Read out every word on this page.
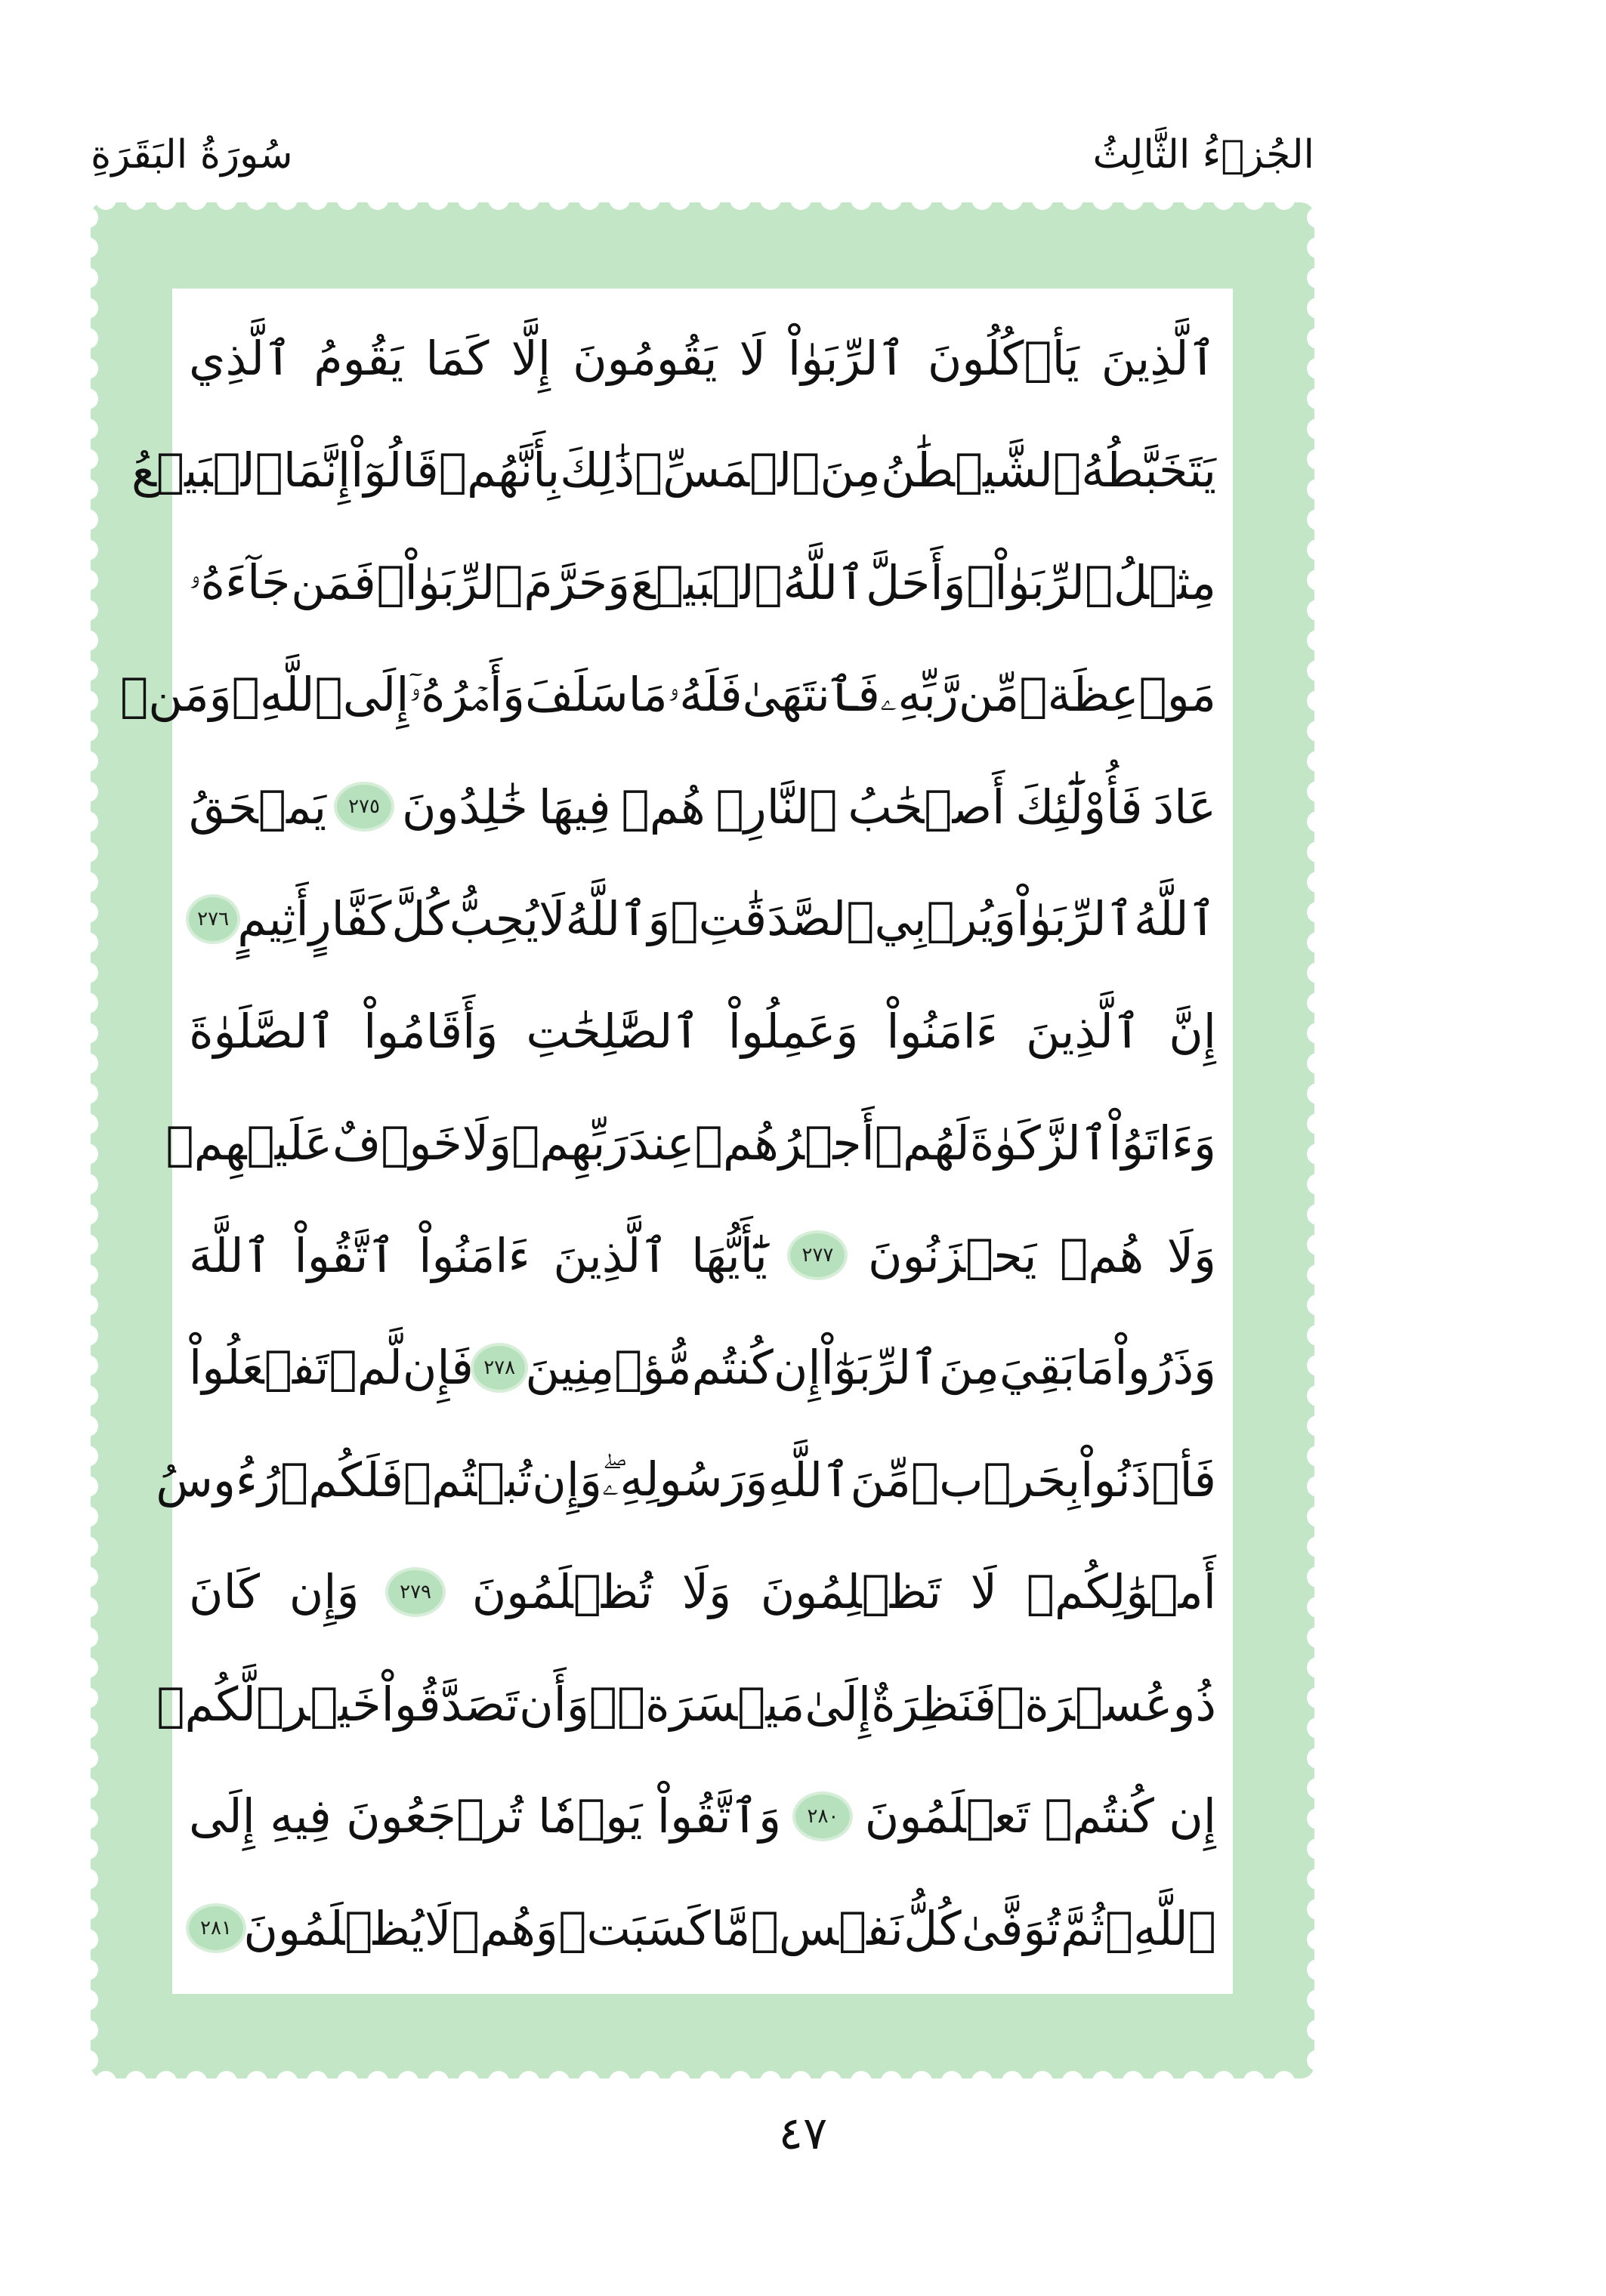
الجُزۡءُ الثَّالِثُ
سُورَةُ البَقَرَةِ
ٱلَّذِينَ
يَأۡكُلُونَ
ٱلرِّبَوٰاْ
لَا
يَقُومُونَ
إِلَّا
كَمَا
يَقُومُ
ٱلَّذِي
يَتَخَبَّطُهُ
ٱلشَّيۡطَٰنُ
مِنَ
ٱلۡمَسِّۚ
ذَٰلِكَ
بِأَنَّهُمۡ
قَالُوٓاْ
إِنَّمَا
ٱلۡبَيۡعُ
مِثۡلُ
ٱلرِّبَوٰاْۗ
وَأَحَلَّ
ٱللَّهُ
ٱلۡبَيۡعَ
وَحَرَّمَ
ٱلرِّبَوٰاْۚ
فَمَن
جَآءَهُۥ
مَوۡعِظَةٞ
مِّن
رَّبِّهِۦ
فَٱنتَهَىٰ
فَلَهُۥ
مَا
سَلَفَ
وَأَمۡرُهُۥٓ
إِلَى
ٱللَّهِۖ
وَمَنۡ
عَادَ
فَأُوْلَٰٓئِكَ
أَصۡحَٰبُ
ٱلنَّارِۖ
هُمۡ
فِيهَا
خَٰلِدُونَ
٢٧٥
يَمۡحَقُ
ٱللَّهُ
ٱلرِّبَوٰاْ
وَيُرۡبِي
ٱلصَّدَقَٰتِۗ
وَٱللَّهُ
لَا
يُحِبُّ
كُلَّ
كَفَّارٍ
أَثِيمٍ
٢٧٦
إِنَّ
ٱلَّذِينَ
ءَامَنُواْ
وَعَمِلُواْ
ٱلصَّٰلِحَٰتِ
وَأَقَامُواْ
ٱلصَّلَوٰةَ
وَءَاتَوُاْ
ٱلزَّكَوٰةَ
لَهُمۡ
أَجۡرُهُمۡ
عِندَ
رَبِّهِمۡ
وَلَا
خَوۡفٌ
عَلَيۡهِمۡ
وَلَا
هُمۡ
يَحۡزَنُونَ
٢٧٧
يَٰٓأَيُّهَا
ٱلَّذِينَ
ءَامَنُواْ
ٱتَّقُواْ
ٱللَّهَ
وَذَرُواْ
مَا
بَقِيَ
مِنَ
ٱلرِّبَوٰٓاْ
إِن
كُنتُم
مُّؤۡمِنِينَ
٢٧٨
فَإِن
لَّمۡ
تَفۡعَلُواْ
فَأۡذَنُواْ
بِحَرۡبٖ
مِّنَ
ٱللَّهِ
وَرَسُولِهِۦۖ
وَإِن
تُبۡتُمۡ
فَلَكُمۡ
رُءُوسُ
أَمۡوَٰلِكُمۡ
لَا
تَظۡلِمُونَ
وَلَا
تُظۡلَمُونَ
٢٧٩
وَإِن
كَانَ
ذُو
عُسۡرَةٖ
فَنَظِرَةٌ
إِلَىٰ
مَيۡسَرَةٖۚ
وَأَن
تَصَدَّقُواْ
خَيۡرٞ
لَّكُمۡ
إِن
كُنتُمۡ
تَعۡلَمُونَ
٢٨٠
وَٱتَّقُواْ
يَوۡمٗا
تُرۡجَعُونَ
فِيهِ
إِلَى
ٱللَّهِۖ
ثُمَّ
تُوَفَّىٰ
كُلُّ
نَفۡسٖ
مَّا
كَسَبَتۡ
وَهُمۡ
لَا
يُظۡلَمُونَ
٢٨١
٤٧
